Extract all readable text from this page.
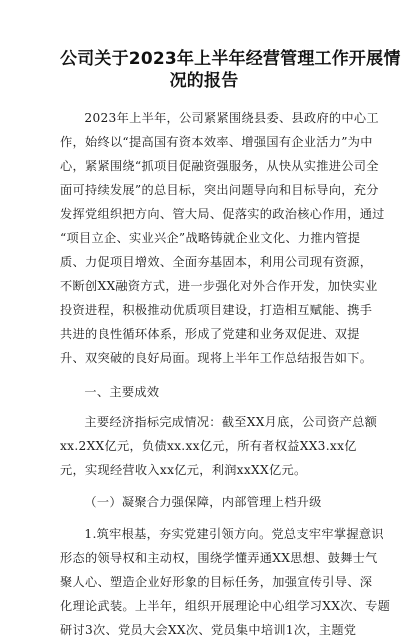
公司关于2023年上半年经营管理工作开展情
况的报告

2023年上半年，公司紧紧围绕县委、县政府的中心工
作，始终以“提高国有资本效率、增强国有企业活力”为中
心，紧紧围绕“抓项目促融资强服务，从快从实推进公司全
面可持续发展”的总目标，突出问题导向和目标导向，充分
发挥党组织把方向、管大局、促落实的政治核心作用，通过
“项目立企、实业兴企”战略铸就企业文化、力推内管提
质、力促项目增效、全面夯基固本，利用公司现有资源，
不断创XX融资方式，进一步强化对外合作开发，加快实业
投资进程，积极推动优质项目建设，打造相互赋能、携手
共进的良性循环体系，形成了党建和业务双促进、双提
升、双突破的良好局面。现将上半年工作总结报告如下。

一、主要成效

主要经济指标完成情况：截至XX月底，公司资产总额
xx.2XX亿元，负债xx.xx亿元，所有者权益XX3.xx亿
元，实现经营收入xx亿元，利润xxXX亿元。

（一）凝聚合力强保障，内部管理上档升级

1.筑牢根基，夯实党建引领方向。党总支牢牢掌握意识
形态的领导权和主动权，围绕学懂弄通XX思想、鼓舞士气
聚人心、塑造企业好形象的目标任务，加强宣传引导、深
化理论武装。上半年，组织开展理论中心组学习XX次、专题
研讨3次、党员大会XX次、党员集中培训1次，主题党
